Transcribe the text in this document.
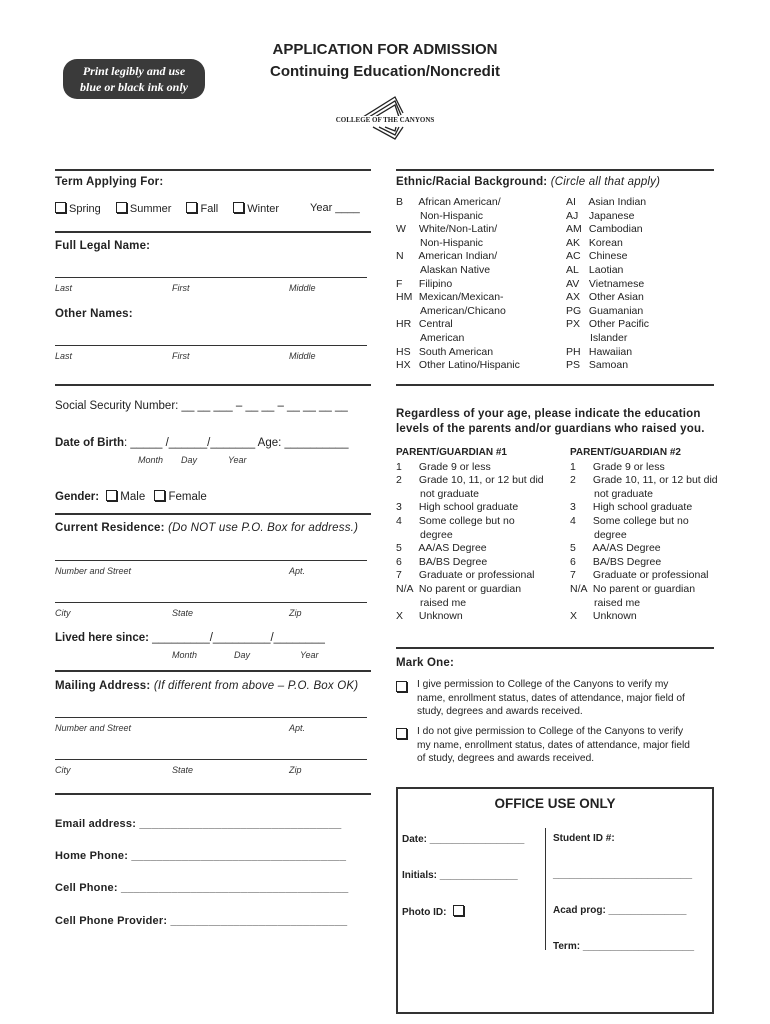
Print legibly and use
blue or black ink only
APPLICATION FOR ADMISSION
Continuing Education/Noncredit
COLLEGE OF THE CANYONS
Term Applying For:
Spring	Summer	Fall	Winter	Year ____
Full Legal Name:
Last	First	Middle
Other Names:
Last	First	Middle
Social Security Number: __ __ ___ – __ __ – __ __ __ __
Date of Birth: _____ /______/_______ Age: __________
Month Day	Year
Gender: Male Female
Current Residence: (Do NOT use P.O. Box for address.)
Number and Street	Apt.
City	State	Zip
Lived here since: _________/_________/________
Month	Day	Year
Mailing Address: (If different from above – P.O. Box OK)
Number and Street	Apt.
City	State	Zip
Email address: ________________________________
Home Phone: __________________________________
Cell Phone: ____________________________________
Cell Phone Provider: ____________________________
Ethnic/Racial Background: (Circle all that apply)
B African American/
Non-Hispanic
W White/Non-Latin/
Non-Hispanic
N American Indian/
Alaskan Native
F Filipino
HM Mexican/Mexican-
American/Chicano
HR Central
American
HS South American
HX Other Latino/Hispanic
AI Asian Indian
AJ Japanese
AM Cambodian
AK Korean
AC Chinese
AL Laotian
AV Vietnamese
AX Other Asian
PG Guamanian
PX Other Pacific
Islander
PH Hawaiian
PS Samoan
Regardless of your age, please indicate the education
levels of the parents and/or guardians who raised you.
PARENT/GUARDIAN #1
1 Grade 9 or less
2 Grade 10, 11, or 12 but did
not graduate
3 High school graduate
4 Some college but no
degree
5 AA/AS Degree
6 BA/BS Degree
7 Graduate or professional
N/A No parent or guardian
raised me
X Unknown
PARENT/GUARDIAN #2
1 Grade 9 or less
2 Grade 10, 11, or 12 but did
not graduate
3 High school graduate
4 Some college but no
degree
5 AA/AS Degree
6 BA/BS Degree
7 Graduate or professional
N/A No parent or guardian
raised me
X Unknown
Mark One:
I give permission to College of the Canyons to verify my
name, enrollment status, dates of attendance, major field of
study, degrees and awards received.
I do not give permission to College of the Canyons to verify
my name, enrollment status, dates of attendance, major field
of study, degrees and awards received.
OFFICE USE ONLY
Date: _________________	Student ID #:
Initials: ______________	_________________________
Photo ID:	Acad prog: ______________
Term: ____________________
